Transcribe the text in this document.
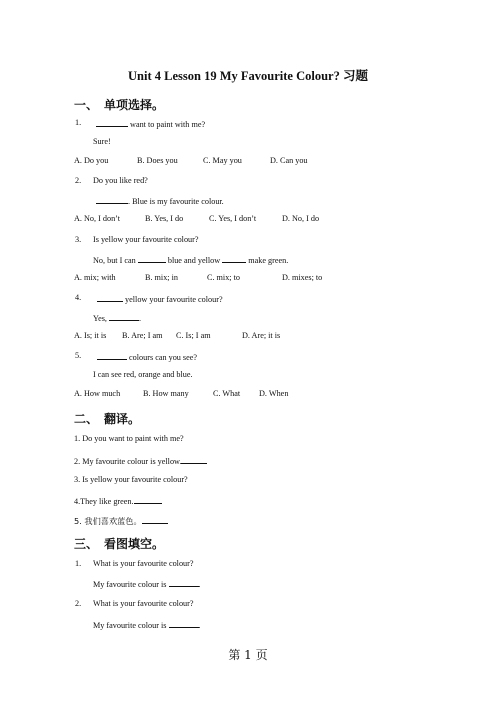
Unit 4 Lesson 19 My Favourite Colour? 习题
一、 单项选择。
1.	want to paint with me?
Sure!
A. Do you	B. Does you	C. May you	D. Can you
2. Do you like red?
. Blue is my favourite colour.
A. No, I don’t	B. Yes, I do	C. Yes, I don’t	D. No, I do
3. Is yellow your favourite colour?
No, but I can	blue and yellow	make green.
A. mix; with	B. mix; in	C. mix; to	D. mixes; to
4.	yellow your favourite colour?
Yes,	.
A. Is; it is B. Are; I am C. Is; I am	D. Are; it is
5.	colours can you see?
I can see red, orange and blue.
A. How much	B. How many	C. What D. When
二、 翻译。
1. Do you want to paint with me?
2. My favourite colour is yellow.
3. Is yellow your favourite colour?
4.They like green.
5. 我们喜欢蓝色。
三、 看图填空。
1. What is your favourite colour?
My favourite colour is	.
2. What is your favourite colour?
My favourite colour is	.
第 1 页
